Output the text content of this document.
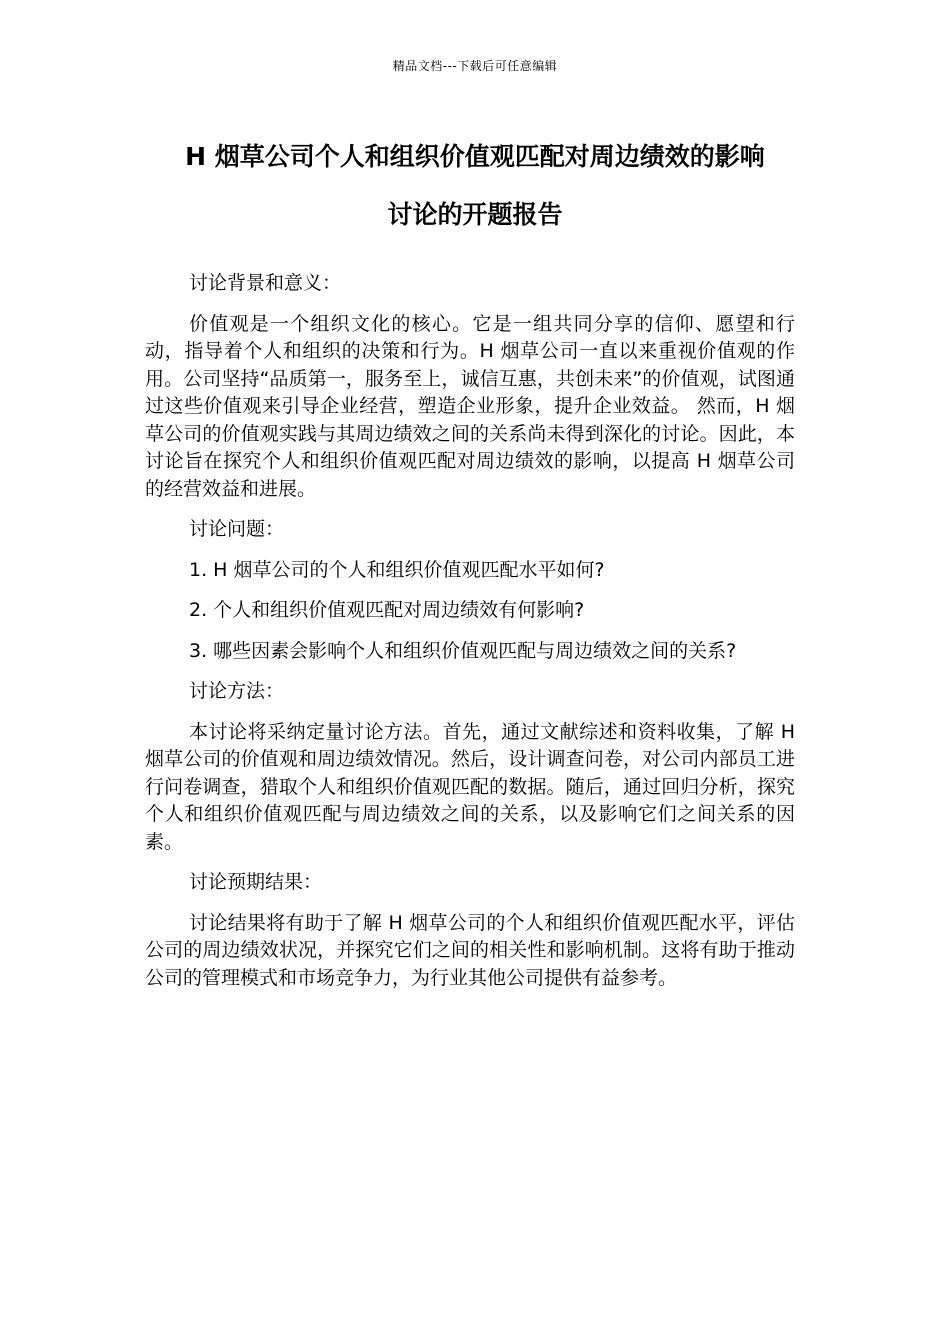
精品文档---下载后可任意编辑
H 烟草公司个人和组织价值观匹配对周边绩效的影响
讨论的开题报告

讨论背景和意义：

价值观是一个组织文化的核心。它是一组共同分享的信仰、愿望和行动，指导着个人和组织的决策和行为。H 烟草公司一直以来重视价值观的作用。公司坚持“品质第一，服务至上，诚信互惠，共创未来”的价值观，试图通过这些价值观来引导企业经营，塑造企业形象，提升企业效益。 然而，H 烟草公司的价值观实践与其周边绩效之间的关系尚未得到深化的讨论。因此，本讨论旨在探究个人和组织价值观匹配对周边绩效的影响，以提高 H 烟草公司的经营效益和进展。

讨论问题：

1. H 烟草公司的个人和组织价值观匹配水平如何?

2. 个人和组织价值观匹配对周边绩效有何影响?

3. 哪些因素会影响个人和组织价值观匹配与周边绩效之间的关系?

讨论方法：

本讨论将采纳定量讨论方法。首先，通过文献综述和资料收集，了解 H 烟草公司的价值观和周边绩效情况。然后，设计调查问卷，对公司内部员工进行问卷调查，猎取个人和组织价值观匹配的数据。随后，通过回归分析，探究个人和组织价值观匹配与周边绩效之间的关系，以及影响它们之间关系的因素。

讨论预期结果：

讨论结果将有助于了解 H 烟草公司的个人和组织价值观匹配水平，评估公司的周边绩效状况，并探究它们之间的相关性和影响机制。这将有助于推动公司的管理模式和市场竞争力，为行业其他公司提供有益参考。
